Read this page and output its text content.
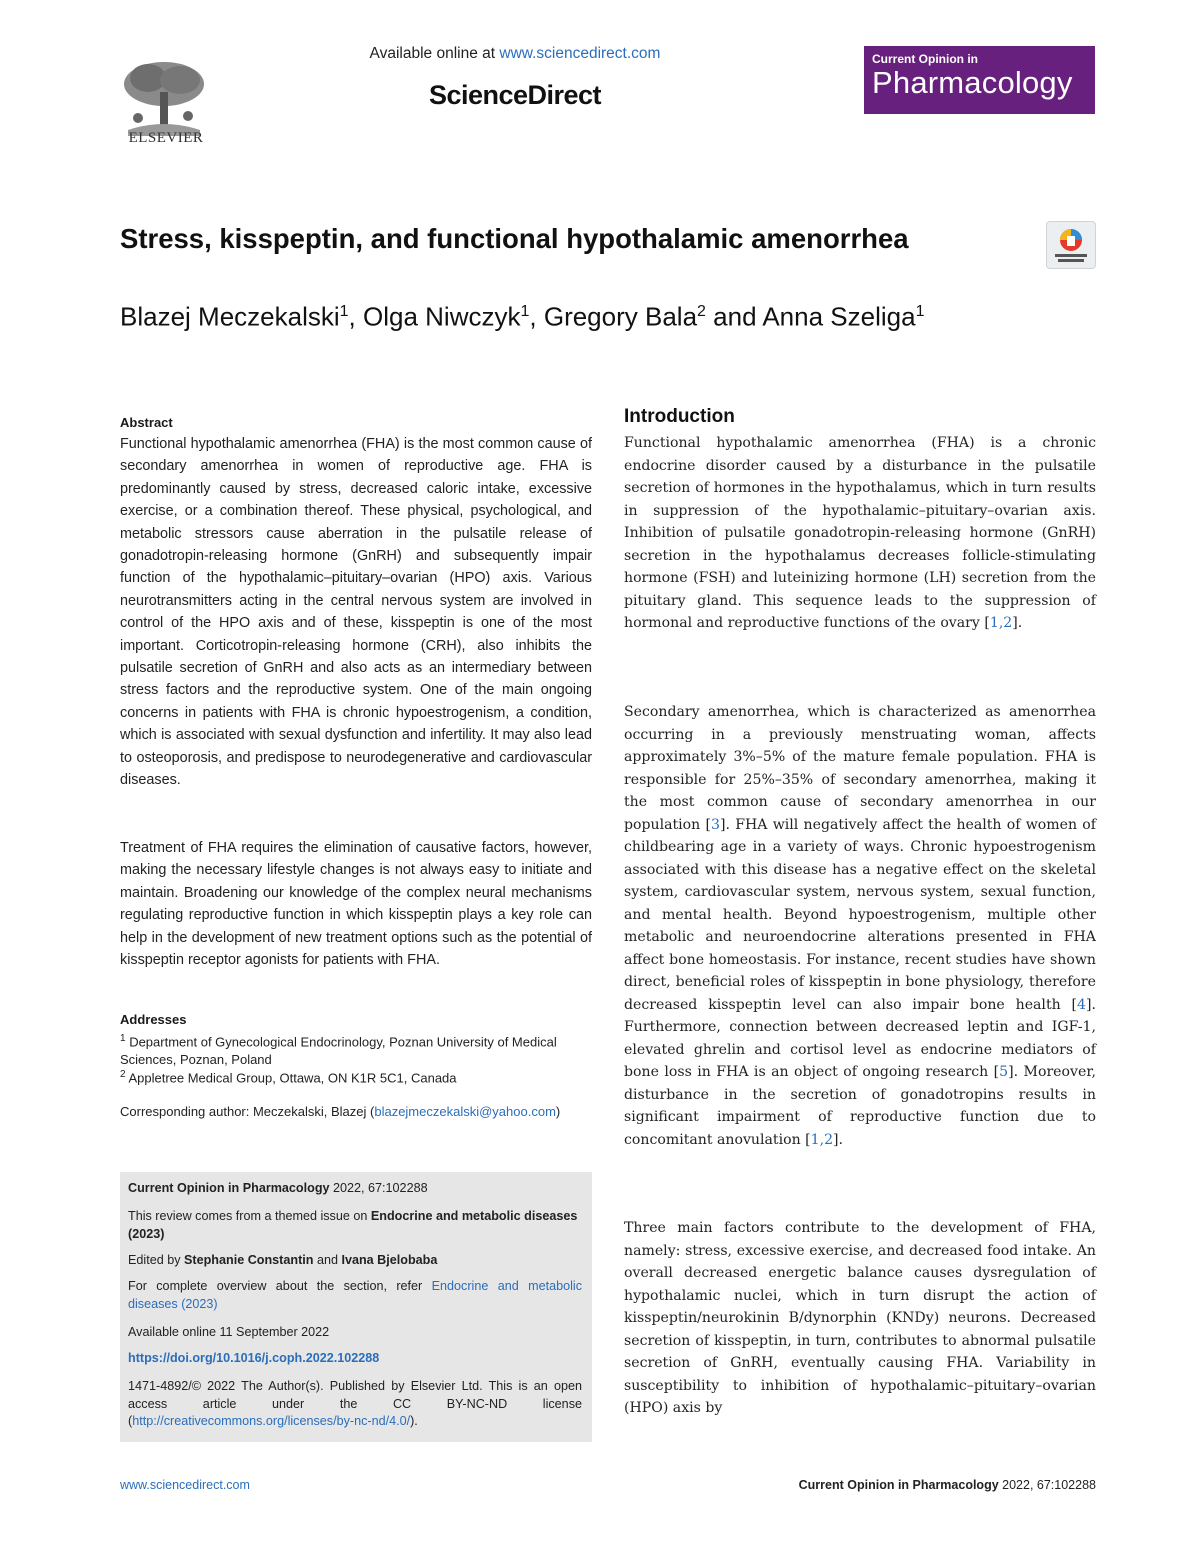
ELSEVIER
Available online at www.sciencedirect.com
ScienceDirect
Current Opinion in
Pharmacology
Stress, kisspeptin, and functional hypothalamic amenorrhea
Blazej Meczekalski$^1$, Olga Niwczyk$^1$, Gregory Bala$^2$ and Anna Szeliga$^1$
Abstract
Functional hypothalamic amenorrhea (FHA) is the most common cause of secondary amenorrhea in women of reproductive age. FHA is predominantly caused by stress, decreased caloric intake, excessive exercise, or a combination thereof. These physical, psychological, and metabolic stressors cause aberration in the pulsatile release of gonadotropin-releasing hormone (GnRH) and subsequently impair function of the hypothalamic–pituitary–ovarian (HPO) axis. Various neurotransmitters acting in the central nervous system are involved in control of the HPO axis and of these, kisspeptin is one of the most important. Corticotropin-releasing hormone (CRH), also inhibits the pulsatile secretion of GnRH and also acts as an intermediary between stress factors and the reproductive system. One of the main ongoing concerns in patients with FHA is chronic hypoestrogenism, a condition, which is associated with sexual dysfunction and infertility. It may also lead to osteoporosis, and predispose to neurodegenerative and cardiovascular diseases.
Treatment of FHA requires the elimination of causative factors, however, making the necessary lifestyle changes is not always easy to initiate and maintain. Broadening our knowledge of the complex neural mechanisms regulating reproductive function in which kisspeptin plays a key role can help in the development of new treatment options such as the potential of kisspeptin receptor agonists for patients with FHA.
Addresses
$^1$ Department of Gynecological Endocrinology, Poznan University of Medical Sciences, Poznan, Poland
$^2$ Appletree Medical Group, Ottawa, ON K1R 5C1, Canada
Corresponding author: Meczekalski, Blazej (blazejmeczekalski@yahoo.com)
Current Opinion in Pharmacology 2022, 67:102288
This review comes from a themed issue on Endocrine and metabolic diseases (2023)
Edited by Stephanie Constantin and Ivana Bjelobaba
For complete overview about the section, refer Endocrine and metabolic diseases (2023)
Available online 11 September 2022
https://doi.org/10.1016/j.coph.2022.102288
1471-4892/© 2022 The Author(s). Published by Elsevier Ltd. This is an open access article under the CC BY-NC-ND license (http://creativecommons.org/licenses/by-nc-nd/4.0/).
Introduction
Functional hypothalamic amenorrhea (FHA) is a chronic endocrine disorder caused by a disturbance in the pulsatile secretion of hormones in the hypothalamus, which in turn results in suppression of the hypothalamic–pituitary–ovarian axis. Inhibition of pulsatile gonadotropin-releasing hormone (GnRH) secretion in the hypothalamus decreases follicle-stimulating hormone (FSH) and luteinizing hormone (LH) secretion from the pituitary gland. This sequence leads to the suppression of hormonal and reproductive functions of the ovary [1,2].
Secondary amenorrhea, which is characterized as amenorrhea occurring in a previously menstruating woman, affects approximately 3%–5% of the mature female population. FHA is responsible for 25%–35% of secondary amenorrhea, making it the most common cause of secondary amenorrhea in our population [3]. FHA will negatively affect the health of women of childbearing age in a variety of ways. Chronic hypoestrogenism associated with this disease has a negative effect on the skeletal system, cardiovascular system, nervous system, sexual function, and mental health. Beyond hypoestrogenism, multiple other metabolic and neuroendocrine alterations presented in FHA affect bone homeostasis. For instance, recent studies have shown direct, beneficial roles of kisspeptin in bone physiology, therefore decreased kisspeptin level can also impair bone health [4]. Furthermore, connection between decreased leptin and IGF-1, elevated ghrelin and cortisol level as endocrine mediators of bone loss in FHA is an object of ongoing research [5]. Moreover, disturbance in the secretion of gonadotropins results in significant impairment of reproductive function due to concomitant anovulation [1,2].
Three main factors contribute to the development of FHA, namely: stress, excessive exercise, and decreased food intake. An overall decreased energetic balance causes dysregulation of hypothalamic nuclei, which in turn disrupt the action of kisspeptin/neurokinin B/dynorphin (KNDy) neurons. Decreased secretion of kisspeptin, in turn, contributes to abnormal pulsatile secretion of GnRH, eventually causing FHA. Variability in susceptibility to inhibition of hypothalamic–pituitary–ovarian (HPO) axis by
www.sciencedirect.com	Current Opinion in Pharmacology 2022, 67:102288
